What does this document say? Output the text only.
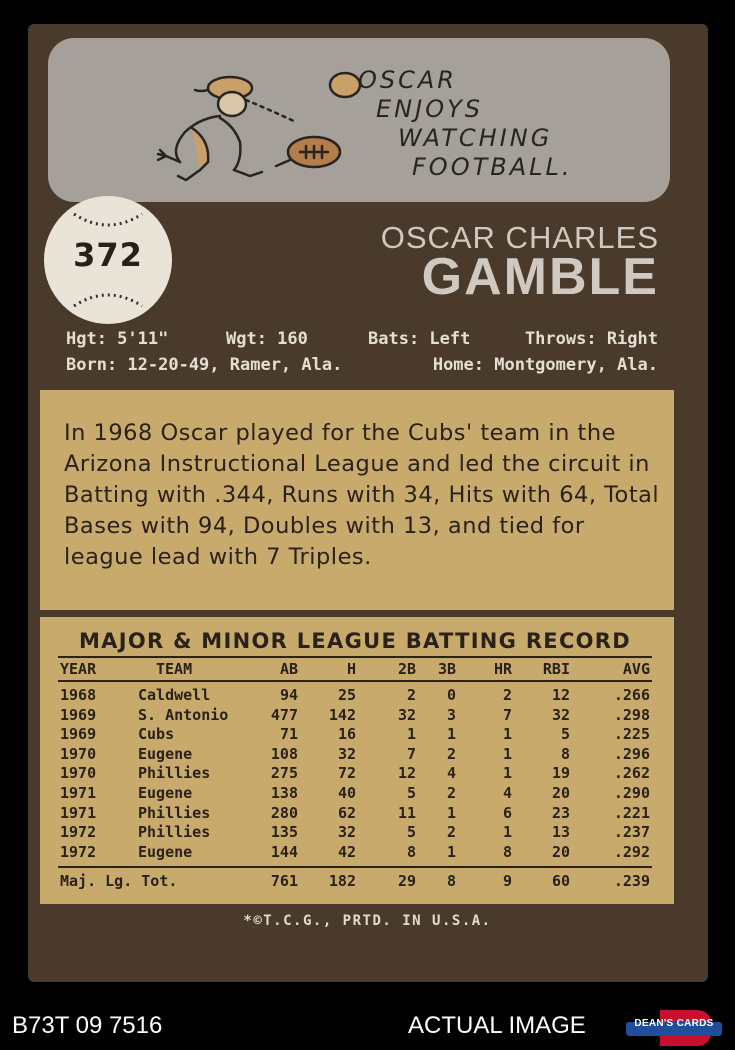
OSCAR
ENJOYS
WATCHING
FOOTBALL.
372	OSCAR CHARLES
GAMBLE
Hgt: 5'11"	Wgt: 160	Bats: Left	Throws: Right
Born: 12-20-49, Ramer, Ala.	Home: Montgomery, Ala.
In 1968 Oscar played for the Cubs' team in the Arizona Instructional League and led the circuit in Batting with .344, Runs with 34, Hits with 64, Total Bases with 94, Doubles with 13, and tied for league lead with 7 Triples.
MAJOR & MINOR LEAGUE BATTING RECORD
YEAR	TEAM	AB	H	2B 3B	HR RBI	AVG
1968	Caldwell	94	25	2 0	2	12	.266
1969	S. Antonio	477 142	32 3	7	32	.298
1969	Cubs	71	16	1 1	1	5	.225
1970	Eugene	108	32	7 2	1	8	.296
1970	Phillies	275	72	12 4	1	19	.262
1971	Eugene	138	40	5 2	4	20	.290
1971	Phillies	280	62	11 1	6	23	.221
1972	Phillies	135	32	5 2	1	13	.237
1972	Eugene	144	42	8 1	8	20	.292
Maj. Lg. Tot.	761 182	29 8	9	60	.239
*©T.C.G., PRTD. IN U.S.A.
B73T 09 7516	ACTUAL IMAGE	DEAN'S CARDS
